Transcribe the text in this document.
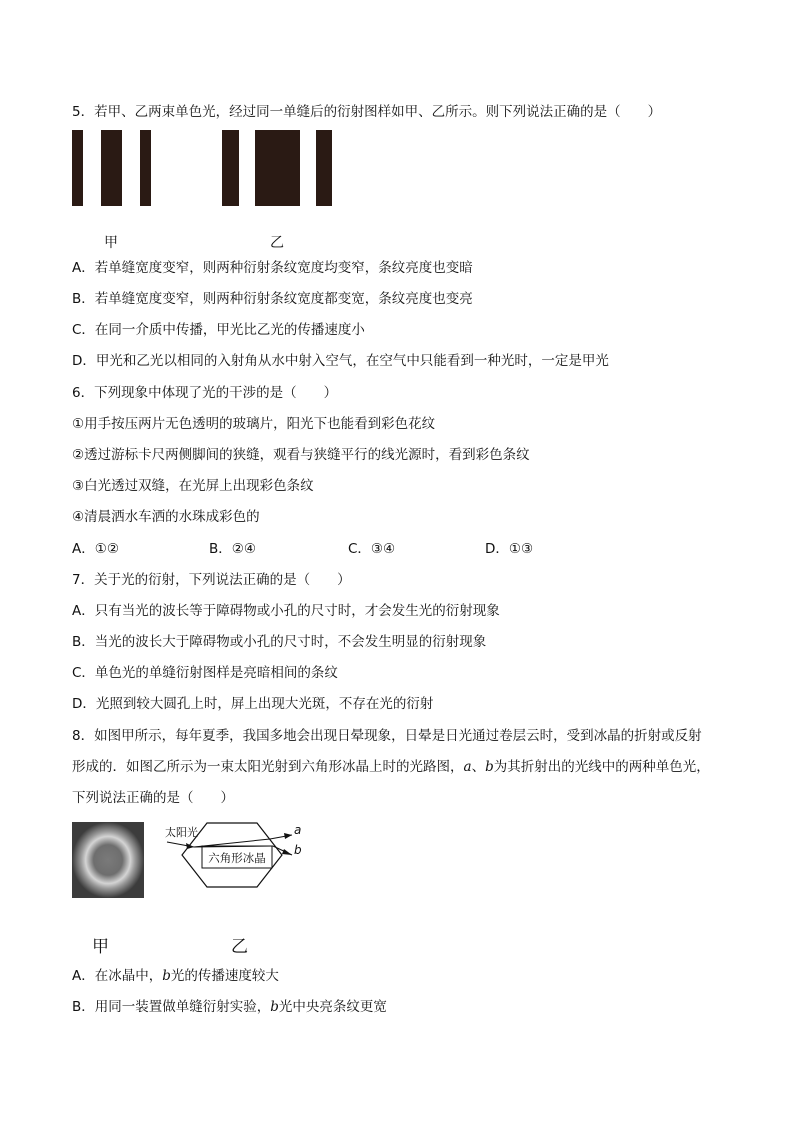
5．若甲、乙两束单色光，经过同一单缝后的衍射图样如甲、乙所示。则下列说法正确的是（　　）
甲	乙
A．若单缝宽度变窄，则两种衍射条纹宽度均变窄，条纹亮度也变暗
B．若单缝宽度变窄，则两种衍射条纹宽度都变宽，条纹亮度也变亮
C．在同一介质中传播，甲光比乙光的传播速度小
D．甲光和乙光以相同的入射角从水中射入空气，在空气中只能看到一种光时，一定是甲光
6．下列现象中体现了光的干涉的是（　　）
①用手按压两片无色透明的玻璃片，阳光下也能看到彩色花纹
②透过游标卡尺两侧脚间的狭缝，观看与狭缝平行的线光源时，看到彩色条纹
③白光透过双缝，在光屏上出现彩色条纹
④清晨洒水车洒的水珠成彩色的
A．①②	B．②④	C．③④	D．①③
7．关于光的衍射，下列说法正确的是（　　）
A．只有当光的波长等于障碍物或小孔的尺寸时，才会发生光的衍射现象
B．当光的波长大于障碍物或小孔的尺寸时，不会发生明显的衍射现象
C．单色光的单缝衍射图样是亮暗相间的条纹
D．光照到较大圆孔上时，屏上出现大光斑，不存在光的衍射
8．如图甲所示，每年夏季，我国多地会出现日晕现象，日晕是日光通过卷层云时，受到冰晶的折射或反射
形成的．如图乙所示为一束太阳光射到六角形冰晶上时的光路图，a、b为其折射出的光线中的两种单色光，
下列说法正确的是（　　）
六角形冰晶
太阳光	a
b
甲	乙
A．在冰晶中，b光的传播速度较大
B．用同一装置做单缝衍射实验，b光中央亮条纹更宽
